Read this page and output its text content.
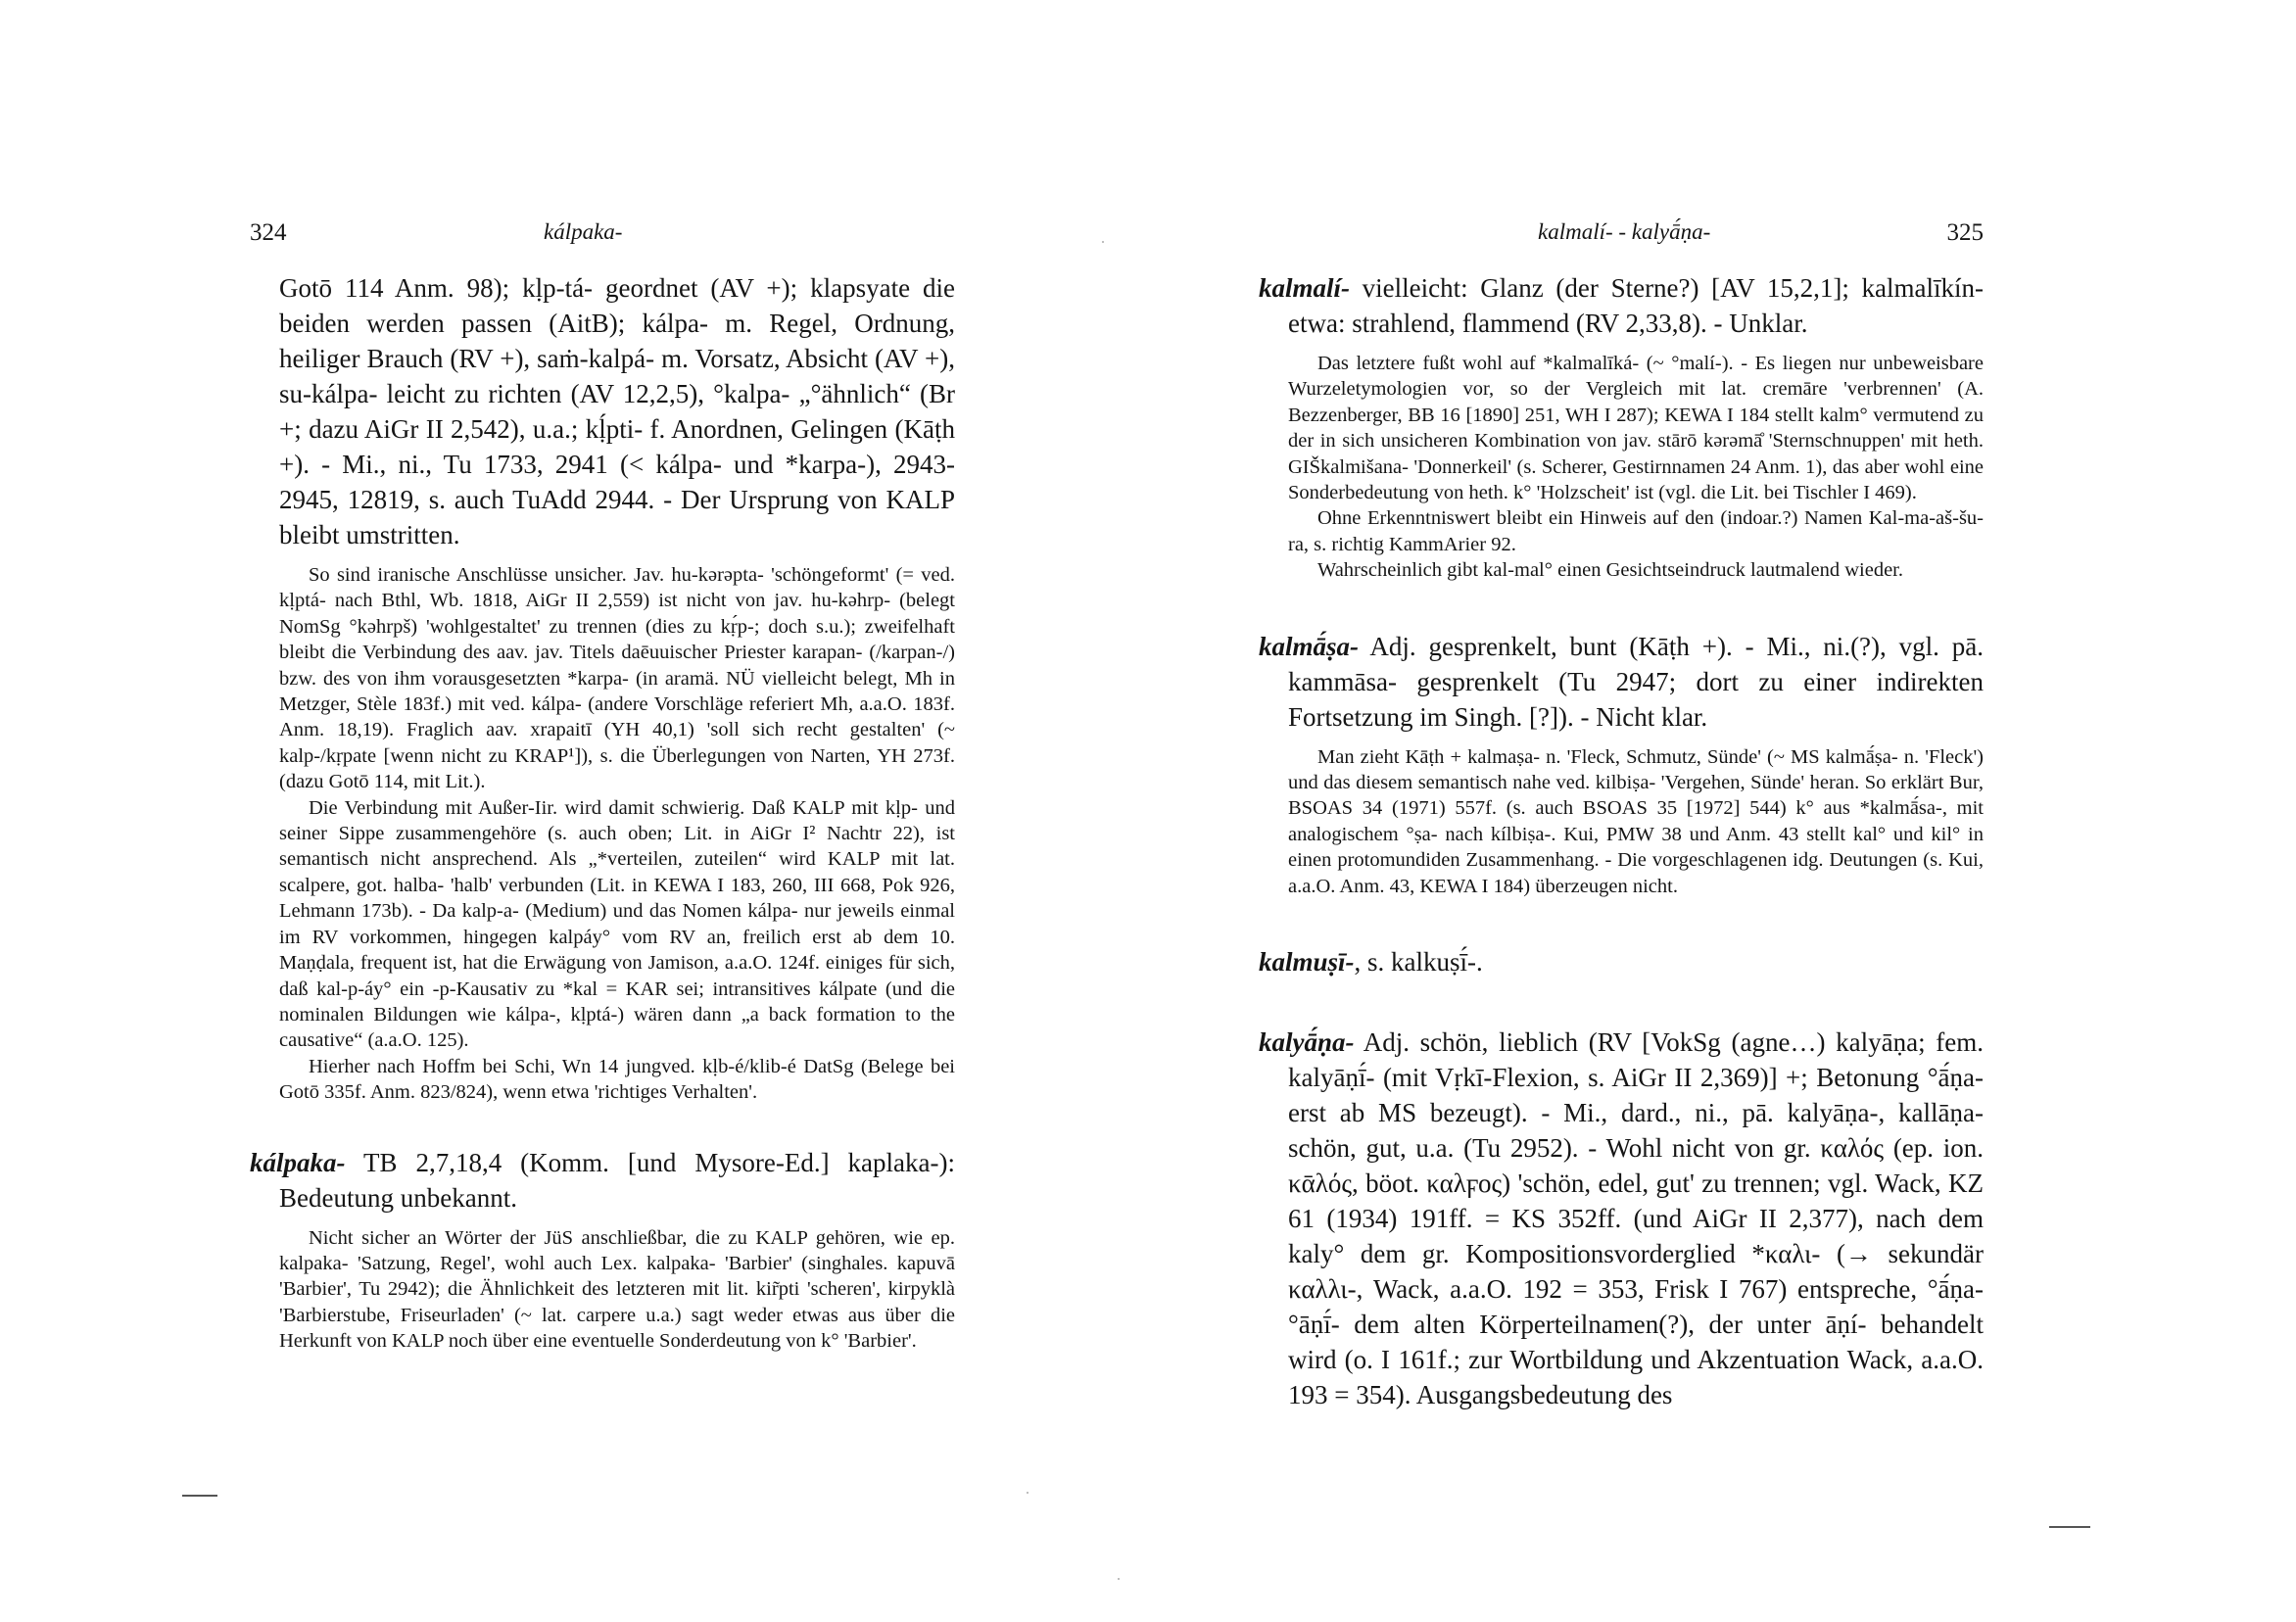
324	kálpaka-

Gotō 114 Anm. 98); kḷp-tá- geordnet (AV +); klapsyate die beiden werden passen (AitB); kálpa- m. Regel, Ordnung, heiliger Brauch (RV +), saṁ-kalpá- m. Vorsatz, Absicht (AV +), su-kálpa- leicht zu richten (AV 12,2,5), °kalpa- „°ähnlich“ (Br +; dazu AiGr II 2,542), u.a.; kḷ́pti- f. Anordnen, Gelingen (Kāṭh +). - Mi., ni., Tu 1733, 2941 (< kálpa- und *karpa-), 2943-2945, 12819, s. auch TuAdd 2944. - Der Ursprung von KALP bleibt umstritten.

So sind iranische Anschlüsse unsicher. Jav. hu-kərəpta- 'schöngeformt' (= ved. kḷptá- nach Bthl, Wb. 1818, AiGr II 2,559) ist nicht von jav. hu-kəhrp- (belegt NomSg °kəhrpš) 'wohlgestaltet' zu trennen (dies zu kṛ́p-; doch s.u.); zweifelhaft bleibt die Verbindung des aav. jav. Titels daēuuischer Priester karapan- (/karpan-/) bzw. des von ihm vorausgesetzten *karpa- (in aramä. NÜ vielleicht belegt, Mh in Metzger, Stèle 183f.) mit ved. kálpa- (andere Vorschläge referiert Mh, a.a.O. 183f. Anm. 18,19). Fraglich aav. xrapaitī (YH 40,1) 'soll sich recht gestalten' (~ kalp-/kṛpate [wenn nicht zu KRAP¹]), s. die Überlegungen von Narten, YH 273f. (dazu Gotō 114, mit Lit.).

Die Verbindung mit Außer-Iir. wird damit schwierig. Daß KALP mit kḷp- und seiner Sippe zusammengehöre (s. auch oben; Lit. in AiGr I² Nachtr 22), ist semantisch nicht ansprechend. Als „*verteilen, zuteilen“ wird KALP mit lat. scalpere, got. halba- 'halb' verbunden (Lit. in KEWA I 183, 260, III 668, Pok 926, Lehmann 173b). - Da kalp-a- (Medium) und das Nomen kálpa- nur jeweils einmal im RV vorkommen, hingegen kalpáy° vom RV an, freilich erst ab dem 10. Maṇḍala, frequent ist, hat die Erwägung von Jamison, a.a.O. 124f. einiges für sich, daß kal-p-áy° ein -p-Kausativ zu *kal = KAR sei; intransitives kálpate (und die nominalen Bildungen wie kálpa-, kḷptá-) wären dann „a back formation to the causative“ (a.a.O. 125).

Hierher nach Hoffm bei Schi, Wn 14 jungved. kḷb-é/klib-é DatSg (Belege bei Gotō 335f. Anm. 823/824), wenn etwa 'richtiges Verhalten'.

kálpaka- TB 2,7,18,4 (Komm. [und Mysore-Ed.] kaplaka-): Bedeutung unbekannt.

Nicht sicher an Wörter der JüS anschließbar, die zu KALP gehören, wie ep. kalpaka- 'Satzung, Regel', wohl auch Lex. kalpaka- 'Barbier' (singhales. kapuvā 'Barbier', Tu 2942); die Ähnlichkeit des letzteren mit lit. kir̃pti 'scheren', kirpyklà 'Barbierstube, Friseurladen' (~ lat. carpere u.a.) sagt weder etwas aus über die Herkunft von KALP noch über eine eventuelle Sonderdeutung von k° 'Barbier'.

kalmalí- - kalyā́ṇa-	325

kalmalí- vielleicht: Glanz (der Sterne?) [AV 15,2,1]; kalmalīkín- etwa: strahlend, flammend (RV 2,33,8). - Unklar.

Das letztere fußt wohl auf *kalmalīká- (~ °malí-). - Es liegen nur unbeweisbare Wurzeletymologien vor, so der Vergleich mit lat. cremāre 'verbrennen' (A. Bezzenberger, BB 16 [1890] 251, WH I 287); KEWA I 184 stellt kalm° vermutend zu der in sich unsicheren Kombination von jav. stārō kərəmā̊ 'Sternschnuppen' mit heth. GIŠkalmišana- 'Donnerkeil' (s. Scherer, Gestirnnamen 24 Anm. 1), das aber wohl eine Sonderbedeutung von heth. k° 'Holzscheit' ist (vgl. die Lit. bei Tischler I 469).

Ohne Erkenntniswert bleibt ein Hinweis auf den (indoar.?) Namen Kal-ma-aš-šu-ra, s. richtig KammArier 92.

Wahrscheinlich gibt kal-mal° einen Gesichtseindruck lautmalend wieder.

kalmā́ṣa- Adj. gesprenkelt, bunt (Kāṭh +). - Mi., ni.(?), vgl. pā. kammāsa- gesprenkelt (Tu 2947; dort zu einer indirekten Fortsetzung im Singh. [?]). - Nicht klar.

Man zieht Kāṭh + kalmaṣa- n. 'Fleck, Schmutz, Sünde' (~ MS kalmā́ṣa- n. 'Fleck') und das diesem semantisch nahe ved. kilbiṣa- 'Vergehen, Sünde' heran. So erklärt Bur, BSOAS 34 (1971) 557f. (s. auch BSOAS 35 [1972] 544) k° aus *kalmā́sa-, mit analogischem °ṣa- nach kílbiṣa-. Kui, PMW 38 und Anm. 43 stellt kal° und kil° in einen protomundiden Zusammenhang. - Die vorgeschlagenen idg. Deutungen (s. Kui, a.a.O. Anm. 43, KEWA I 184) überzeugen nicht.

kalmuṣī-, s. kalkuṣī́-.

kalyā́ṇa- Adj. schön, lieblich (RV [VokSg (agne…) kalyāṇa; fem. kalyāṇī́- (mit Vṛkī-Flexion, s. AiGr II 2,369)] +; Betonung °ā́ṇa- erst ab MS bezeugt). - Mi., dard., ni., pā. kalyāṇa-, kallāṇa- schön, gut, u.a. (Tu 2952). - Wohl nicht von gr. καλός (ep. ion. κᾱλός, böot. καλϝος) 'schön, edel, gut' zu trennen; vgl. Wack, KZ 61 (1934) 191ff. = KS 352ff. (und AiGr II 2,377), nach dem kaly° dem gr. Kompositionsvorderglied *καλι- (→ sekundär καλλι-, Wack, a.a.O. 192 = 353, Frisk I 767) entspreche, °ā́ṇa- °āṇī́- dem alten Körperteilnamen(?), der unter āṇí- behandelt wird (o. I 161f.; zur Wortbildung und Akzentuation Wack, a.a.O. 193 = 354). Ausgangsbedeutung des
